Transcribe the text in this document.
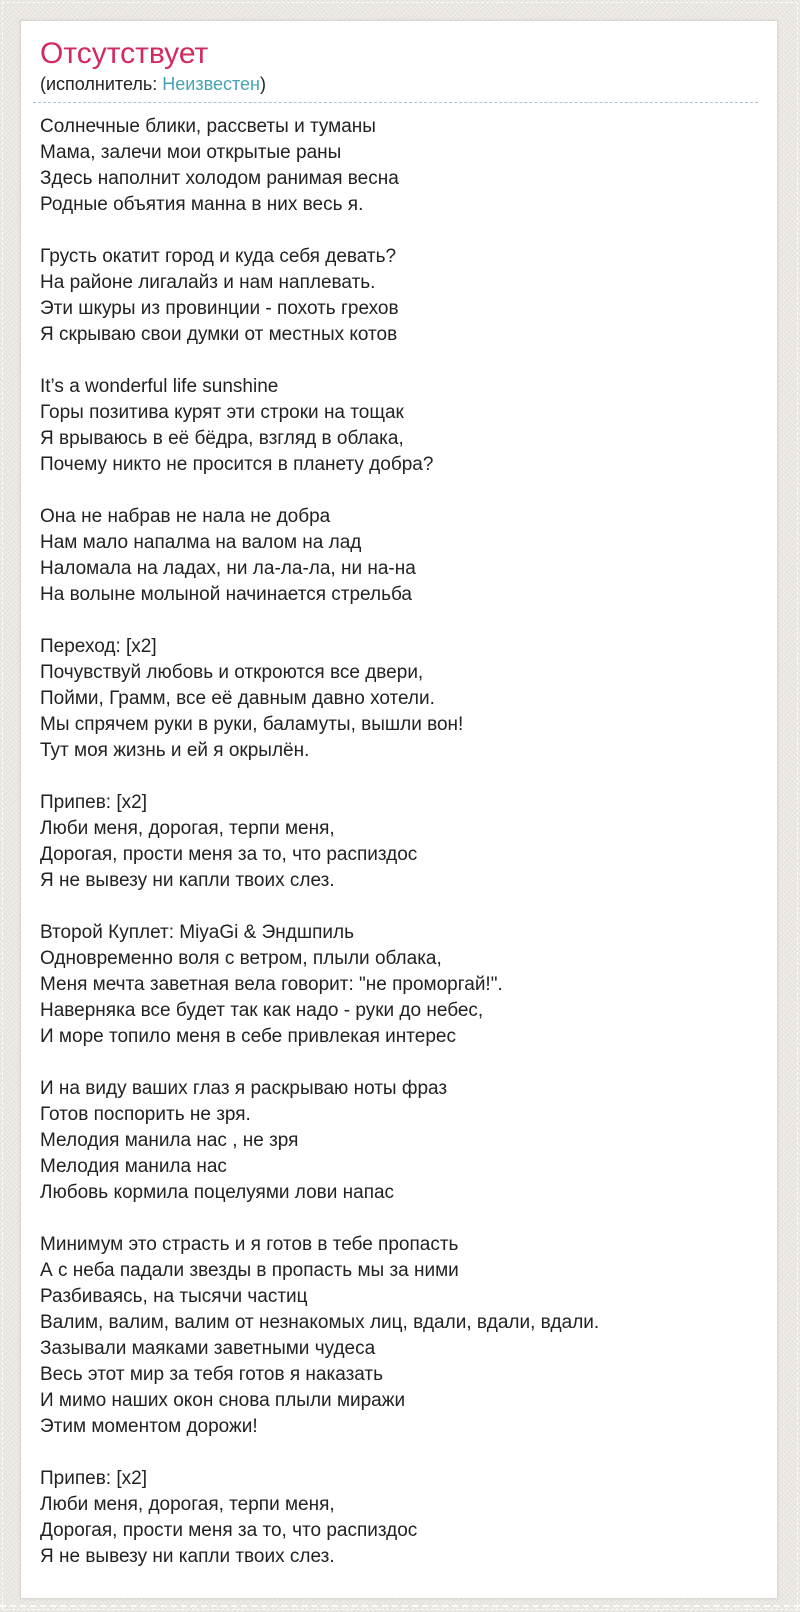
Отсутствует
(исполнитель: Неизвестен)

Солнечные блики, рассветы и туманы
Мама, залечи мои открытые раны
Здесь наполнит холодом ранимая весна
Родные объятия манна в них весь я.

Грусть окатит город и куда себя девать?
На районе лигалайз и нам наплевать.
Эти шкуры из провинции - похоть грехов
Я скрываю свои думки от местных котов

It’s a wonderful life sunshine
Горы позитива курят эти строки на тощак
Я врываюсь в её бёдра, взгляд в облака,
Почему никто не просится в планету добра?

Она не набрав не нала не добра
Нам мало напалма на валом на лад
Наломала на ладах, ни ла-ла-ла, ни на-на
На волыне молыной начинается стрельба

Переход: [x2]
Почувствуй любовь и откроются все двери,
Пойми, Грамм, все её давным давно хотели.
Мы спрячем руки в руки, баламуты, вышли вон!
Тут моя жизнь и ей я окрылён.

Припев: [x2]
Люби меня, дорогая, терпи меня,
Дорогая, прости меня за то, что распиздос
Я не вывезу ни капли твоих слез.

Второй Куплет: MiyaGi & Эндшпиль
Одновременно воля с ветром, плыли облака,
Меня мечта заветная вела говорит: "не проморгай!".
Наверняка все будет так как надо - руки до небес,
И море топило меня в себе привлекая интерес

И на виду ваших глаз я раскрываю ноты фраз
Готов поспорить не зря.
Мелодия манила нас , не зря
Мелодия манила нас
Любовь кормила поцелуями лови напас

Минимум это страсть и я готов в тебе пропасть
А с неба падали звезды в пропасть мы за ними
Разбиваясь, на тысячи частиц
Валим, валим, валим от незнакомых лиц, вдали, вдали, вдали.
Зазывали маяками заветными чудеса
Весь этот мир за тебя готов я наказать
И мимо наших окон снова плыли миражи
Этим моментом дорожи!

Припев: [x2]
Люби меня, дорогая, терпи меня,
Дорогая, прости меня за то, что распиздос
Я не вывезу ни капли твоих слез.
